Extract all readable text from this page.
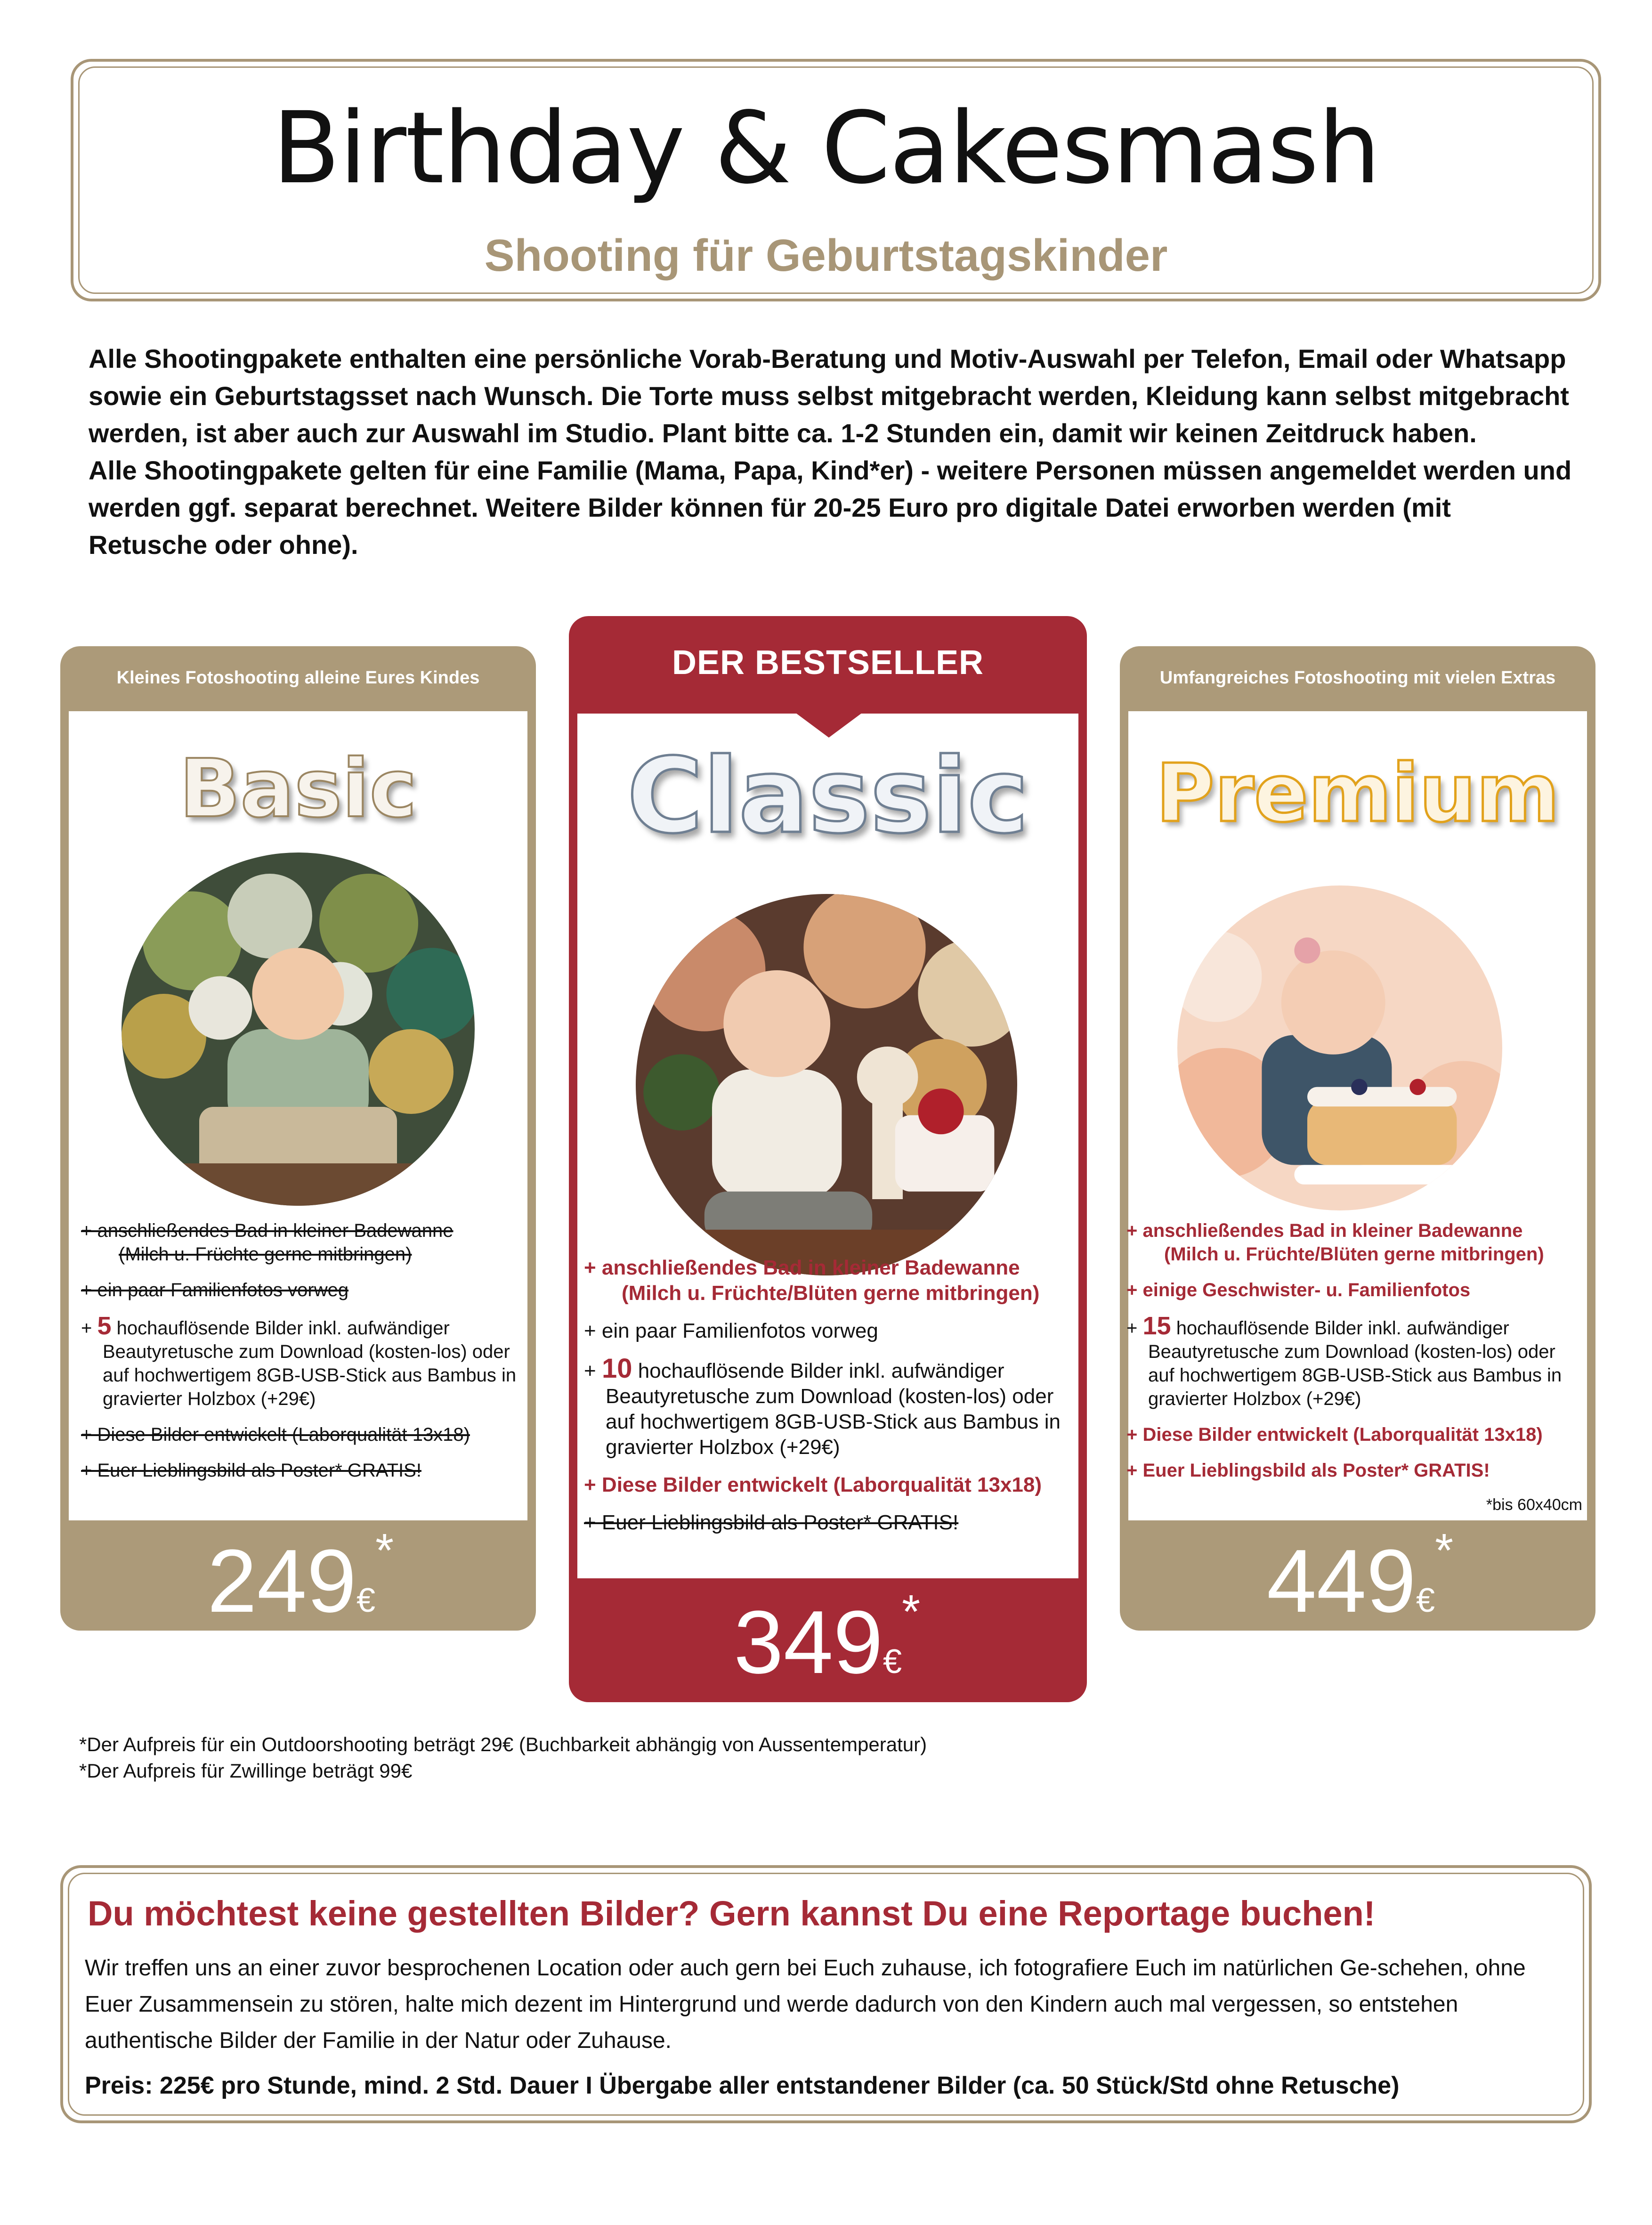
Birthday & Cakesmash
Shooting für Geburtstagskinder

Alle Shootingpakete enthalten eine persönliche Vorab-Beratung und Motiv-Auswahl per Telefon, Email oder Whatsapp sowie ein Geburtstagsset nach Wunsch. Die Torte muss selbst mitgebracht werden, Kleidung kann selbst mitgebracht werden, ist aber auch zur Auswahl im Studio. Plant bitte ca. 1-2 Stunden ein, damit wir keinen Zeitdruck haben.

Alle Shootingpakete gelten für eine Familie (Mama, Papa, Kind*er) - weitere Personen müssen angemeldet werden und werden ggf. separat berechnet. Weitere Bilder können für 20-25 Euro pro digitale Datei erworben werden (mit Retusche oder ohne).

Kleines Fotoshooting alleine Eures Kindes
Basic
+ anschließendes Bad in kleiner Badewanne
(Milch u. Früchte gerne mitbringen)
+ ein paar Familienfotos vorweg
+ 5 hochauflösende Bilder inkl. aufwändiger Beautyretusche zum Download (kosten-los) oder auf hochwertigem 8GB-USB-Stick aus Bambus in gravierter Holzbox (+29€)
+ Diese Bilder entwickelt (Laborqualität 13x18)
+ Euer Lieblingsbild als Poster* GRATIS!
249€*
DER BESTSELLER
Classic
+ anschließendes Bad in kleiner Badewanne
(Milch u. Früchte/Blüten gerne mitbringen)
+ ein paar Familienfotos vorweg
+ 10 hochauflösende Bilder inkl. aufwändiger Beautyretusche zum Download (kosten-los) oder auf hochwertigem 8GB-USB-Stick aus Bambus in gravierter Holzbox (+29€)
+ Diese Bilder entwickelt (Laborqualität 13x18)
+ Euer Lieblingsbild als Poster* GRATIS!
349€*
Umfangreiches Fotoshooting mit vielen Extras
Premium
+ anschließendes Bad in kleiner Badewanne
(Milch u. Früchte/Blüten gerne mitbringen)
+ einige Geschwister- u. Familienfotos
+ 15 hochauflösende Bilder inkl. aufwändiger Beautyretusche zum Download (kosten-los) oder auf hochwertigem 8GB-USB-Stick aus Bambus in gravierter Holzbox (+29€)
+ Diese Bilder entwickelt (Laborqualität 13x18)
+ Euer Lieblingsbild als Poster* GRATIS!
*bis 60x40cm
449€*

*Der Aufpreis für ein Outdoorshooting beträgt 29€ (Buchbarkeit abhängig von Aussentemperatur)

*Der Aufpreis für Zwillinge beträgt 99€

Du möchtest keine gestellten Bilder? Gern kannst Du eine Reportage buchen!

Wir treffen uns an einer zuvor besprochenen Location oder auch gern bei Euch zuhause, ich fotografiere Euch im natürlichen Ge-schehen, ohne Euer Zusammensein zu stören, halte mich dezent im Hintergrund und werde dadurch von den Kindern auch mal vergessen, so entstehen authentische Bilder der Familie in der Natur oder Zuhause.

Preis: 225€ pro Stunde, mind. 2 Std. Dauer I Übergabe aller entstandener Bilder (ca. 50 Stück/Std ohne Retusche)
